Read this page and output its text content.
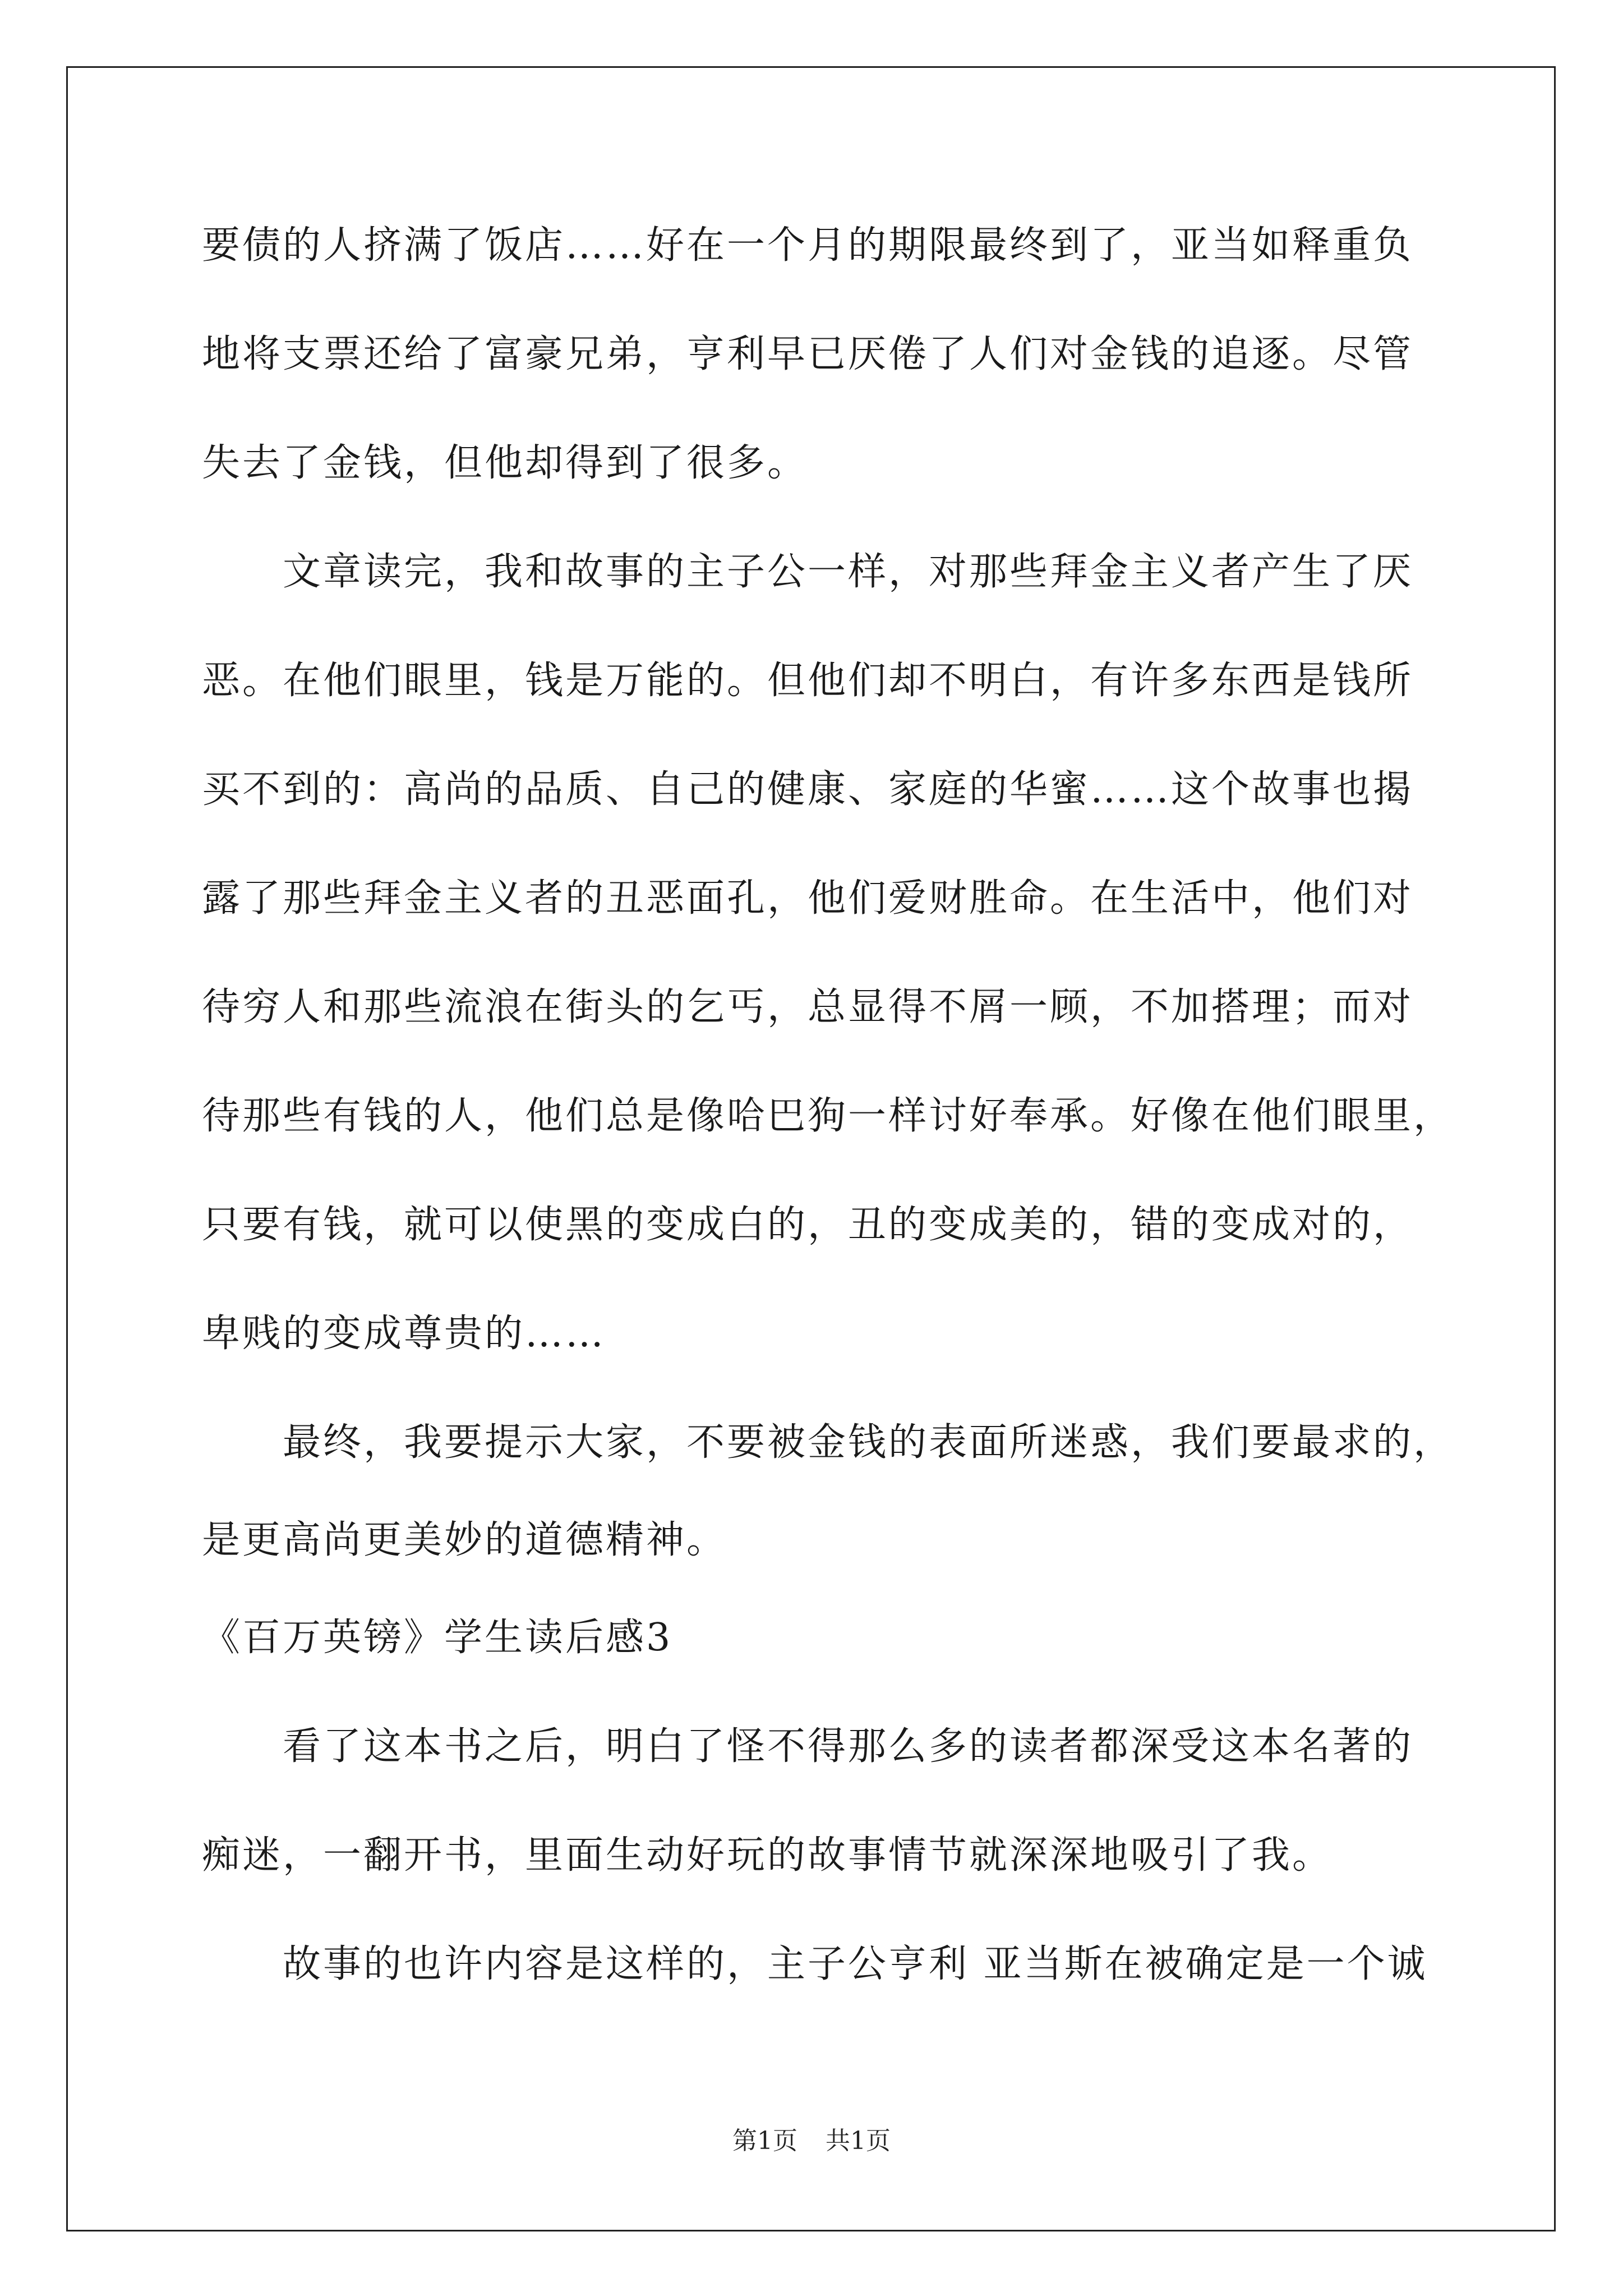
要债的人挤满了饭店……好在一个月的期限最终到了，亚当如释重负
地将支票还给了富豪兄弟，亨利早已厌倦了人们对金钱的追逐。尽管
失去了金钱，但他却得到了很多。
　　文章读完，我和故事的主子公一样，对那些拜金主义者产生了厌
恶。在他们眼里，钱是万能的。但他们却不明白，有许多东西是钱所
买不到的：高尚的品质、自己的健康、家庭的华蜜……这个故事也揭
露了那些拜金主义者的丑恶面孔，他们爱财胜命。在生活中，他们对
待穷人和那些流浪在街头的乞丐，总显得不屑一顾，不加搭理；而对
待那些有钱的人，他们总是像哈巴狗一样讨好奉承。好像在他们眼里，
只要有钱，就可以使黑的变成白的，丑的变成美的，错的变成对的，
卑贱的变成尊贵的……
　　最终，我要提示大家，不要被金钱的表面所迷惑，我们要最求的，
是更高尚更美妙的道德精神。
《百万英镑》学生读后感3
　　看了这本书之后，明白了怪不得那么多的读者都深受这本名著的
痴迷，一翻开书，里面生动好玩的故事情节就深深地吸引了我。
　　故事的也许内容是这样的，主子公亨利 亚当斯在被确定是一个诚
第1页 共1页
